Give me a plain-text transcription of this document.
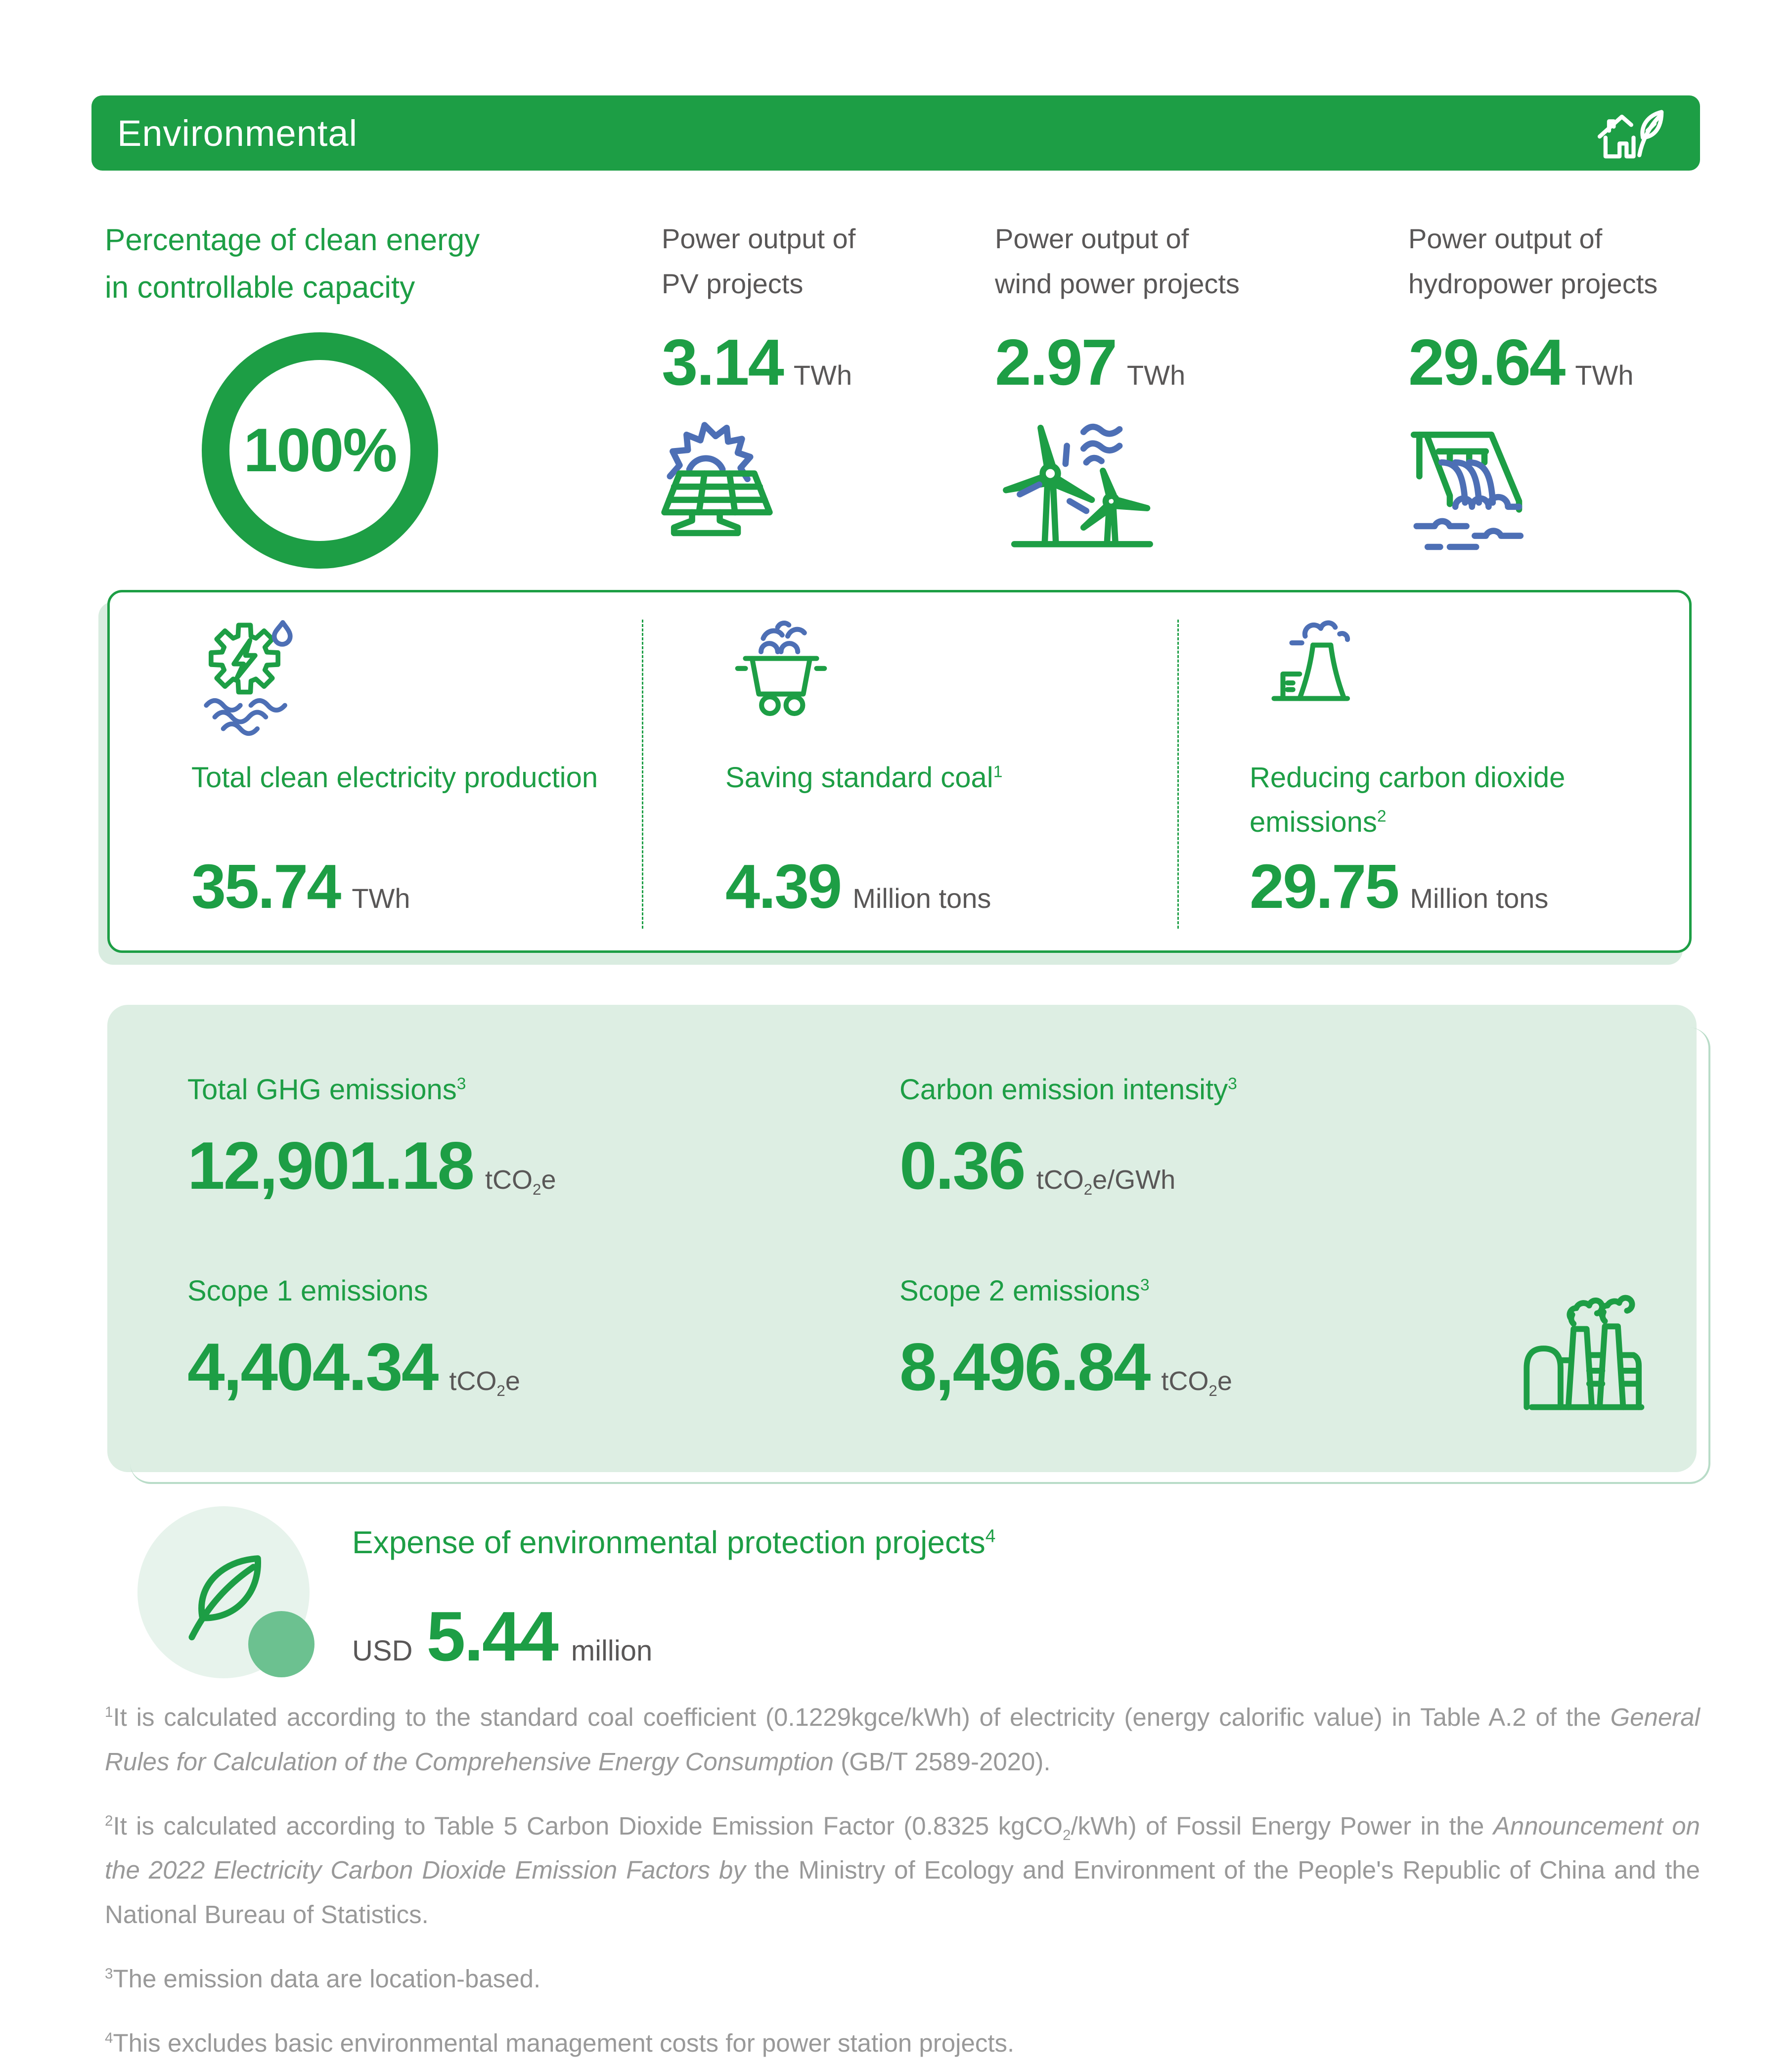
Environmental
Percentage of clean energy
in controllable capacity
100%
Power output of
PV projects
3.14 TWh
Power output of
wind power projects
2.97 TWh
Power output of
hydropower projects
29.64 TWh
Total clean electricity production
35.74 TWh
Saving standard coal$^1$
4.39 Million tons
Reducing carbon dioxide emissions$^2$
29.75 Million tons
Total GHG emissions$^3$
12,901.18 tCO$_2$e
Carbon emission intensity$^3$
0.36 tCO$_2$e/GWh
Scope 1 emissions
4,404.34 tCO$_2$e
Scope 2 emissions$^3$
8,496.84 tCO$_2$e
Expense of environmental protection projects$^4$
USD 5.44 million

$^1$It is calculated according to the standard coal coefficient (0.1229kgce/kWh) of electricity (energy calorific value) in Table A.2 of the General Rules for Calculation of the Comprehensive Energy Consumption (GB/T 2589-2020).

$^2$It is calculated according to Table 5 Carbon Dioxide Emission Factor (0.8325 kgCO$_2$/kWh) of Fossil Energy Power in the Announcement on the 2022 Electricity Carbon Dioxide Emission Factors by the Ministry of Ecology and Environment of the People's Republic of China and the National Bureau of Statistics.

$^3$The emission data are location-based.

$^4$This excludes basic environmental management costs for power station projects.
